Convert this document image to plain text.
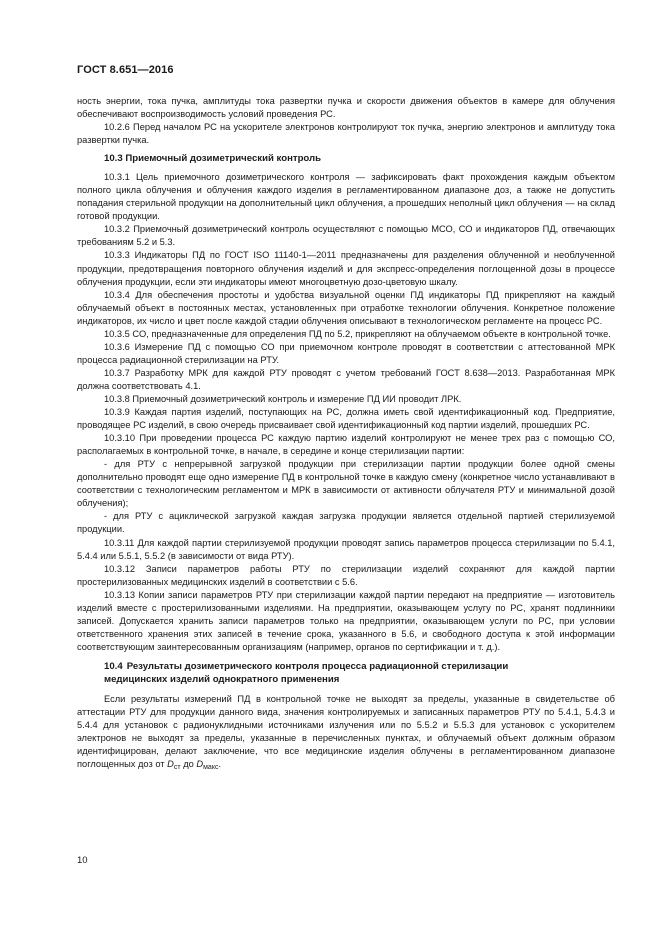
ГОСТ 8.651—2016

ность энергии, тока пучка, амплитуды тока развертки пучка и скорости движения объектов в камере для облучения обеспечивают воспроизводимость условий проведения РС.

10.2.6 Перед началом РС на ускорителе электронов контролируют ток пучка, энергию электронов и амплитуду тока развертки пучка.

10.3 Приемочный дозиметрический контроль

10.3.1 Цель приемочного дозиметрического контроля — зафиксировать факт прохождения каждым объектом полного цикла облучения и облучения каждого изделия в регламентированном диапазоне доз, а также не допустить попадания стерильной продукции на дополнительный цикл облучения, а прошедших неполный цикл облучения — на склад готовой продукции.

10.3.2 Приемочный дозиметрический контроль осуществляют с помощью МСО, СО и индикаторов ПД, отвечающих требованиям 5.2 и 5.3.

10.3.3 Индикаторы ПД по ГОСТ ISO 11140-1—2011 предназначены для разделения облученной и необлученной продукции, предотвращения повторного облучения изделий и для экспресс-определения поглощенной дозы в процессе облучения продукции, если эти индикаторы имеют многоцветную дозо-цветовую шкалу.

10.3.4 Для обеспечения простоты и удобства визуальной оценки ПД индикаторы ПД прикрепляют на каждый облучаемый объект в постоянных местах, установленных при отработке технологии облучения. Конкретное положение индикаторов, их число и цвет после каждой стадии облучения описывают в технологическом регламенте на процесс РС.

10.3.5 СО, предназначенные для определения ПД по 5.2, прикрепляют на облучаемом объекте в контрольной точке.

10.3.6 Измерение ПД с помощью СО при приемочном контроле проводят в соответствии с аттестованной МРК процесса радиационной стерилизации на РТУ.

10.3.7 Разработку МРК для каждой РТУ проводят с учетом требований ГОСТ 8.638—2013. Разработанная МРК должна соответствовать 4.1.

10.3.8 Приемочный дозиметрический контроль и измерение ПД ИИ проводит ЛРК.

10.3.9 Каждая партия изделий, поступающих на РС, должна иметь свой идентификационный код. Предприятие, проводящее РС изделий, в свою очередь присваивает свой идентификационный код партии изделий, прошедших РС.

10.3.10 При проведении процесса РС каждую партию изделий контролируют не менее трех раз с помощью СО, располагаемых в контрольной точке, в начале, в середине и конце стерилизации партии:

- для РТУ с непрерывной загрузкой продукции при стерилизации партии продукции более одной смены дополнительно проводят еще одно измерение ПД в контрольной точке в каждую смену (конкретное число устанавливают в соответствии с технологическим регламентом и МРК в зависимости от активности облучателя РТУ и минимальной дозой облучения);

- для РТУ с ациклической загрузкой каждая загрузка продукции является отдельной партией стерилизуемой продукции.

10.3.11 Для каждой партии стерилизуемой продукции проводят запись параметров процесса стерилизации по 5.4.1, 5.4.4 или 5.5.1, 5.5.2 (в зависимости от вида РТУ).

10.3.12 Записи параметров работы РТУ по стерилизации изделий сохраняют для каждой партии простерилизованных медицинских изделий в соответствии с 5.6.

10.3.13 Копии записи параметров РТУ при стерилизации каждой партии передают на предприятие — изготовитель изделий вместе с простерилизованными изделиями. На предприятии, оказывающем услугу по РС, хранят подлинники записей. Допускается хранить записи параметров только на предприятии, оказывающем услуги по РС, при условии ответственного хранения этих записей в течение срока, указанного в 5.6, и свободного доступа к этой информации соответствующим заинтересованным организациям (например, органов по сертификации и т. д.).

10.4 Результаты дозиметрического контроля процесса радиационной стерилизации
медицинских изделий однократного применения

Если результаты измерений ПД в контрольной точке не выходят за пределы, указанные в свидетельстве об аттестации РТУ для продукции данного вида, значения контролируемых и записанных параметров РТУ по 5.4.1, 5.4.3 и 5.4.4 для установок с радионуклидными источниками излучения или по 5.5.2 и 5.5.3 для установок с ускорителем электронов не выходят за пределы, указанные в перечисленных пунктах, и облучаемый объект должным образом идентифицирован, делают заключение, что все медицинские изделия облучены в регламентированном диапазоне поглощенных доз от $D_{ст}$ до $D_{макс}$.

10
